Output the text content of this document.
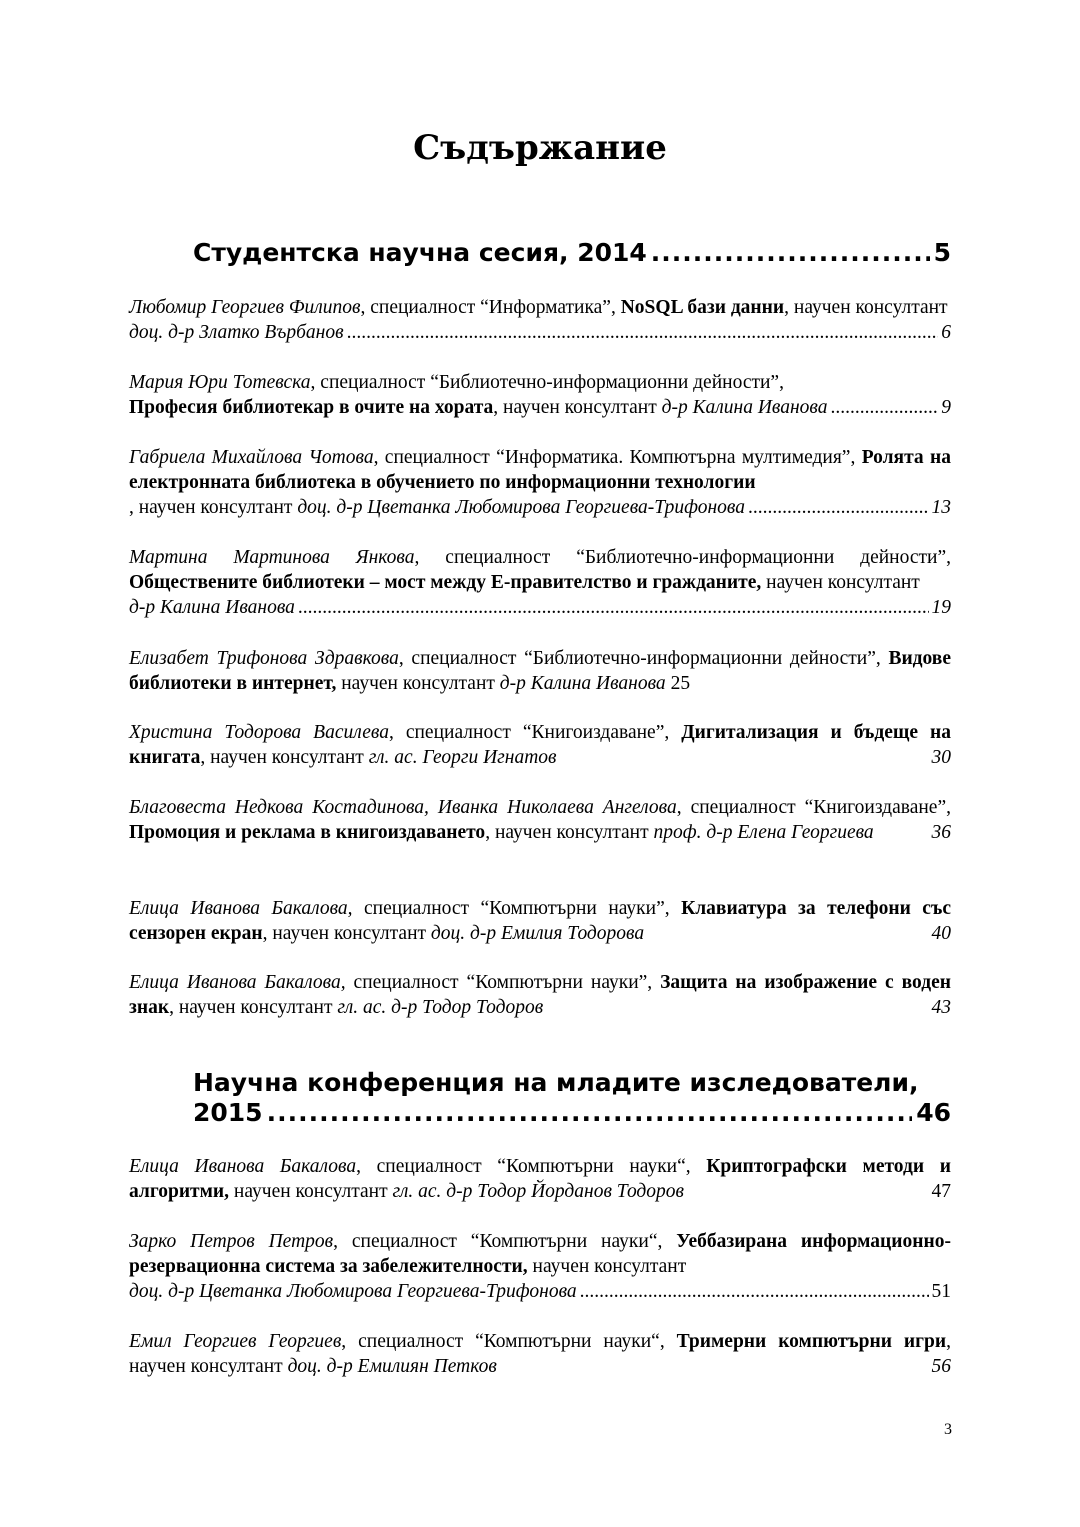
Съдържание
Студентска научна сесия, 2014 .....	5

Любомир Георгиев Филипов, специалност “Информатика”, NoSQL бази данни, научен консултант

доц. д-р Златко Върбанов .....	6

Мария Юри Тотевска, специалност “Библиотечно-информационни дейности”,

Професия библиотекар в очите на хората , научен консултант д-р Калина Иванова .....	9

Габриела Михайлова Чотова, специалност “Информатика. Компютърна мултимедия”, Ролята на електронната библиотека в обучението по информационни технологии

, научен консултант доц. д-р Цветанка Любомирова Георгиева-Трифонова .....	13

Мартина Мартинова Янкова, специалност “Библиотечно-информационни дейности”, Обществените библиотеки – мост между Е-правителство и гражданите, научен консултант

д-р Калина Иванова .....	19

Елизабет Трифонова Здравкова, специалност “Библиотечно-информационни дейности”, Видове библиотеки в интернет, научен консултант д-р Калина Иванова 25

Христина Тодорова Василева, специалност “Книгоиздаване”, Дигитализация и бъдеще на книгата, научен консултант гл. ас. Георги Игнатов	30

Благовеста Недкова Костадинова, Иванка Николаева Ангелова, специалност “Книгоиздаване”, Промоция и реклама в книгоиздаването, научен консултант проф. д-р Елена Георгиева	36

Елица Иванова Бакалова, специалност “Компютърни науки”, Клавиатура за телефони със сензорен екран, научен консултант доц. д-р Емилия Тодорова	40

Елица Иванова Бакалова, специалност “Компютърни науки”, Защита на изображение с воден знак, научен консултант гл. ас. д-р Тодор Тодоров	43

Научна конференция на младите изследователи,
2015 .....	46

Елица Иванова Бакалова, специалност “Компютърни науки“, Криптографски методи и алгоритми, научен консултант гл. ас. д-р Тодор Йорданов Тодоров	47

Зарко Петров Петров, специалност “Компютърни науки“, Уеббазирана информационно-резервационна система за забележителности, научен консултант

доц. д-р Цветанка Любомирова Георгиева-Трифонова .....	51

Емил Георгиев Георгиев, специалност “Компютърни науки“, Тримерни компютърни игри, научен консултант доц. д-р Емилиян Петков	56

3
